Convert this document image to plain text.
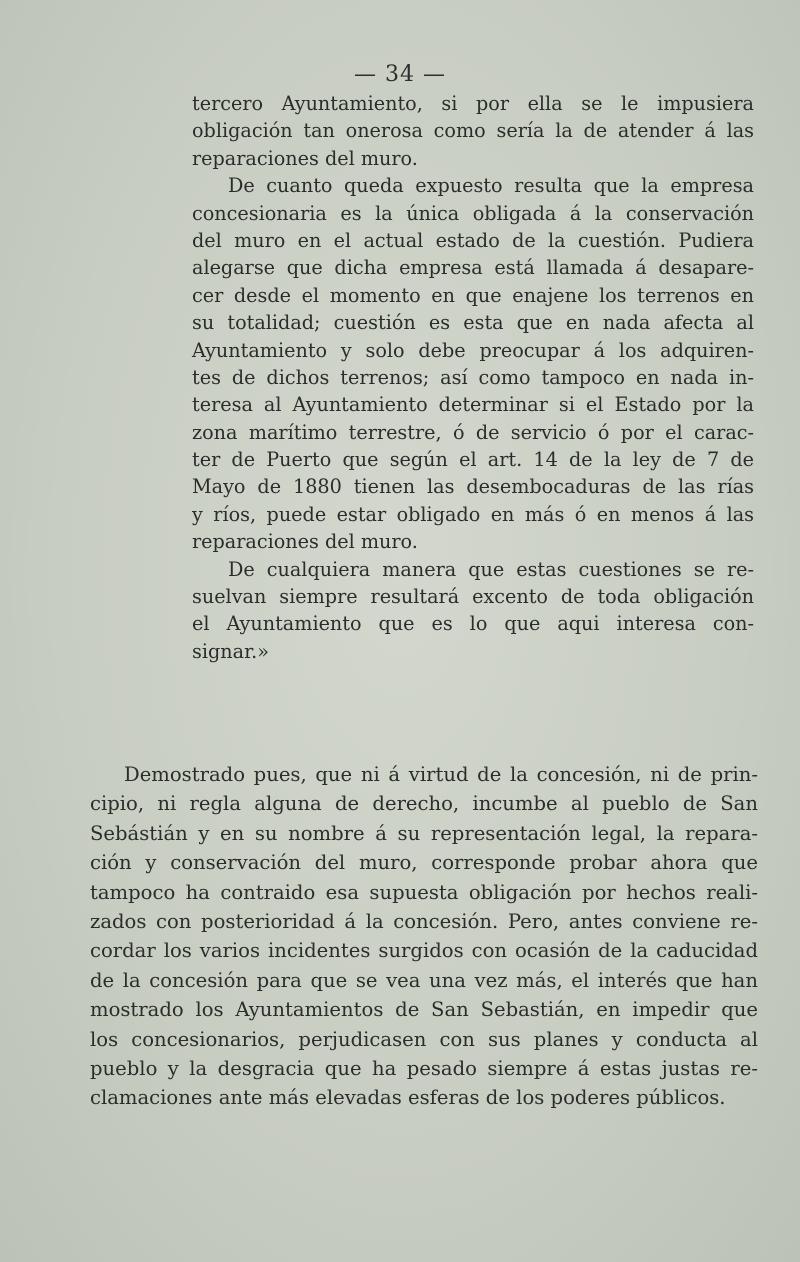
— 34 —
tercero Ayuntamiento, si por ella se le impusiera
obligación tan onerosa como sería la de atender á las
reparaciones del muro.
De cuanto queda expuesto resulta que la empresa
concesionaria es la única obligada á la conservación
del muro en el actual estado de la cuestión. Pudiera
alegarse que dicha empresa está llamada á desapare-
cer desde el momento en que enajene los terrenos en
su totalidad; cuestión es esta que en nada afecta al
Ayuntamiento y solo debe preocupar á los adquiren-
tes de dichos terrenos; así como tampoco en nada in-
teresa al Ayuntamiento determinar si el Estado por la
zona marítimo terrestre, ó de servicio ó por el carac-
ter de Puerto que según el art. 14 de la ley de 7 de
Mayo de 1880 tienen las desembocaduras de las rías
y ríos, puede estar obligado en más ó en menos á las
reparaciones del muro.
De cualquiera manera que estas cuestiones se re-
suelvan siempre resultará excento de toda obligación
el Ayuntamiento que es lo que aqui interesa con-
signar.»
Demostrado pues, que ni á virtud de la concesión, ni de prin-
cipio, ni regla alguna de derecho, incumbe al pueblo de San
Sebástián y en su nombre á su representación legal, la repara-
ción y conservación del muro, corresponde probar ahora que
tampoco ha contraido esa supuesta obligación por hechos reali-
zados con posterioridad á la concesión. Pero, antes conviene re-
cordar los varios incidentes surgidos con ocasión de la caducidad
de la concesión para que se vea una vez más, el interés que han
mostrado los Ayuntamientos de San Sebastián, en impedir que
los concesionarios, perjudicasen con sus planes y conducta al
pueblo y la desgracia que ha pesado siempre á estas justas re-
clamaciones ante más elevadas esferas de los poderes públicos.
